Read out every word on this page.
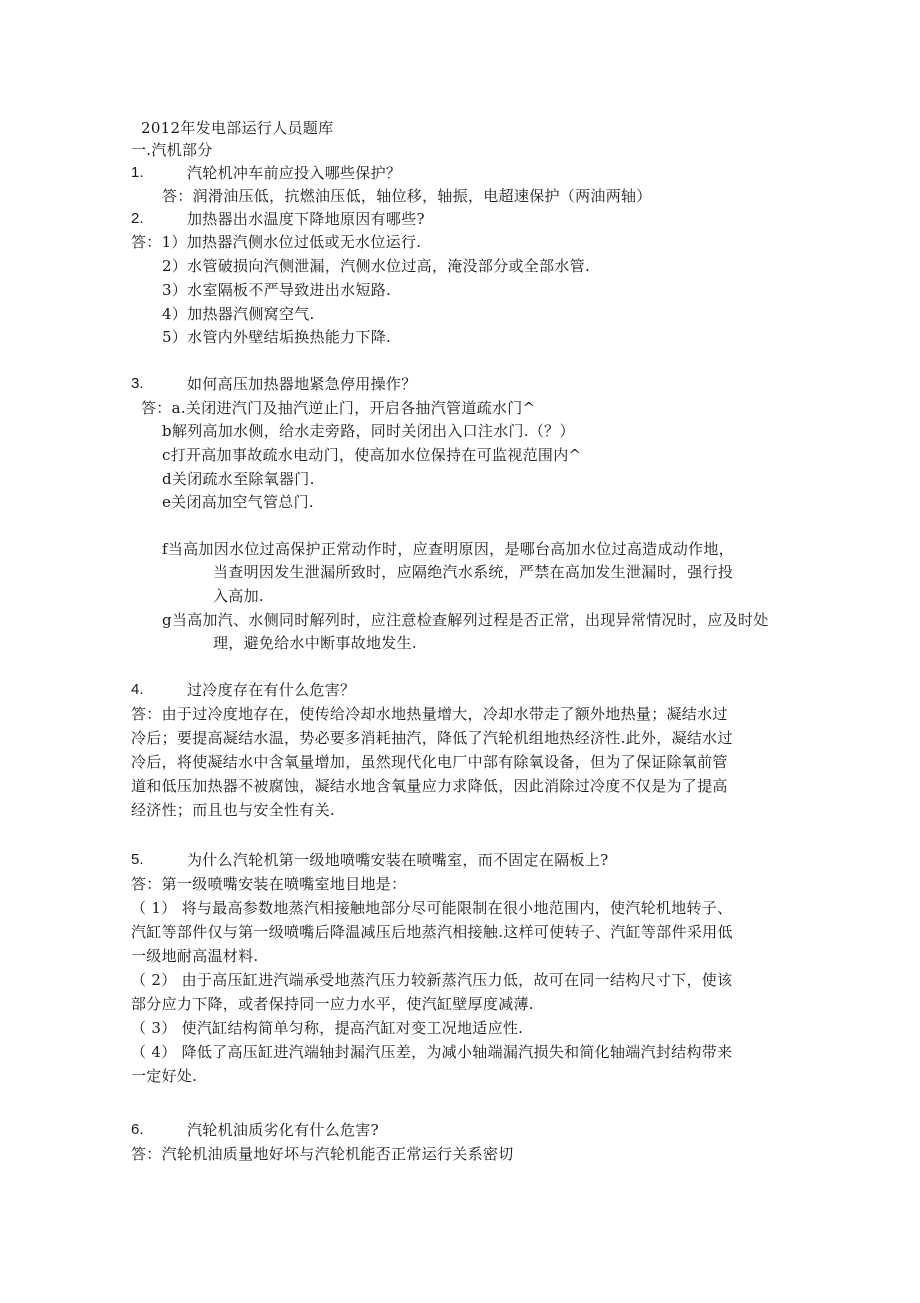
2012年发电部运行人员题库
一.汽机部分
1.	汽轮机冲车前应投入哪些保护？
答：润滑油压低，抗燃油压低，轴位移，轴振，电超速保护（两油两轴）
2.	加热器出水温度下降地原因有哪些?
答：1）加热器汽侧水位过低或无水位运行.
2）水管破损向汽侧泄漏，汽侧水位过高，淹没部分或全部水管.
3）水室隔板不严导致进出水短路.
4）加热器汽侧窝空气.
5）水管内外壁结垢换热能力下降.
3.	如何高压加热器地紧急停用操作？
答：a.关闭进汽门及抽汽逆止门，开启各抽汽管道疏水门^
b解列高加水侧，给水走旁路，同时关闭出入口注水门.（？）
c打开高加事故疏水电动门，使高加水位保持在可监视范围内^
d关闭疏水至除氧器门.
e关闭高加空气管总门.
f当高加因水位过高保护正常动作时，应查明原因，是哪台高加水位过高造成动作地，
当查明因发生泄漏所致时，应隔绝汽水系统，严禁在高加发生泄漏时，强行投
入高加.
g当高加汽、水侧同时解列时，应注意检查解列过程是否正常，出现异常情况时，应及时处
理，避免给水中断事故地发生.
4.	过冷度存在有什么危害？
答：由于过冷度地存在，使传给冷却水地热量增大，冷却水带走了额外地热量；凝结水过
冷后；要提高凝结水温，势必要多消耗抽汽，降低了汽轮机组地热经济性.此外，凝结水过
冷后，将使凝结水中含氧量增加，虽然现代化电厂中部有除氧设备，但为了保证除氧前管
道和低压加热器不被腐蚀，凝结水地含氧量应力求降低，因此消除过冷度不仅是为了提高
经济性；而且也与安全性有关.
5.	为什么汽轮机第一级地喷嘴安装在喷嘴室，而不固定在隔板上?
答：第一级喷嘴安装在喷嘴室地目地是：
（ 1） 将与最高参数地蒸汽相接触地部分尽可能限制在很小地范围内，使汽轮机地转子、
汽缸等部件仅与第一级喷嘴后降温减压后地蒸汽相接触.这样可使转子、汽缸等部件采用低
一级地耐高温材料.
（ 2） 由于高压缸进汽端承受地蒸汽压力较新蒸汽压力低，故可在同一结构尺寸下，使该
部分应力下降，或者保持同一应力水平，使汽缸壁厚度减薄.
（ 3） 使汽缸结构简单匀称，提高汽缸对变工况地适应性.
（ 4） 降低了高压缸进汽端轴封漏汽压差，为减小轴端漏汽损失和简化轴端汽封结构带来
一定好处.
6.	汽轮机油质劣化有什么危害?
答：汽轮机油质量地好坏与汽轮机能否正常运行关系密切
